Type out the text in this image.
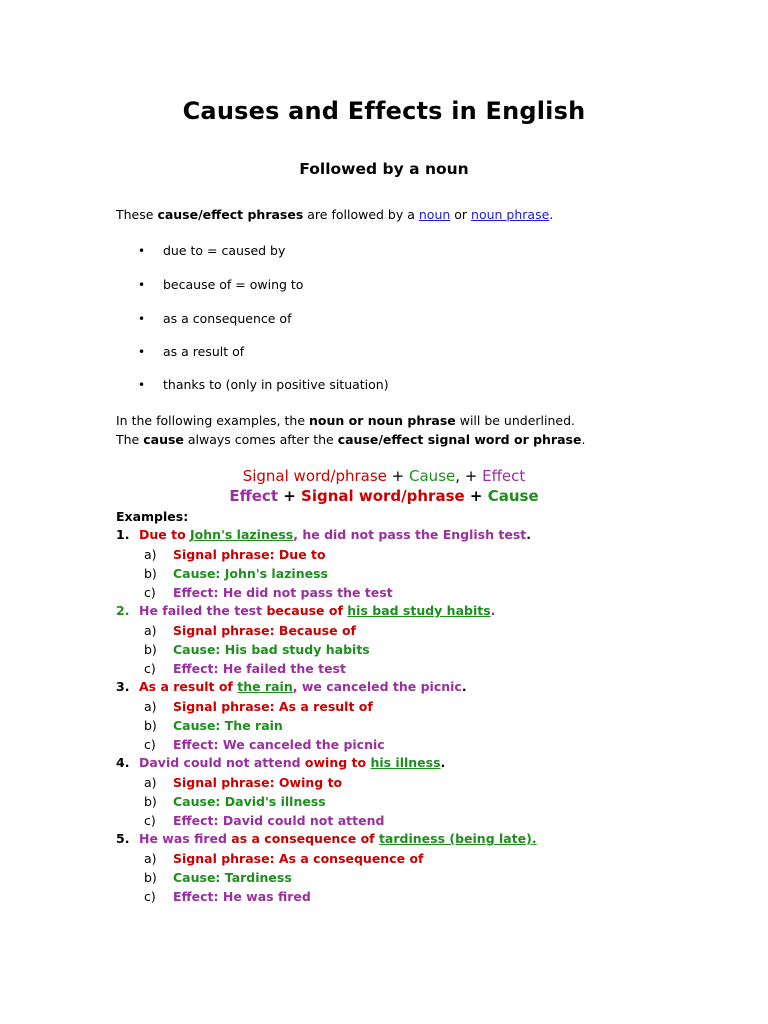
Causes and Effects in English
Followed by a noun
These cause/effect phrases are followed by a noun or noun phrase.
• due to = caused by
• because of = owing to
• as a consequence of
• as a result of
• thanks to (only in positive situation)
In the following examples, the noun or noun phrase will be underlined.
The cause always comes after the cause/effect signal word or phrase.
Signal word/phrase + Cause, + Effect
Effect + Signal word/phrase + Cause
Examples:
1. Due to John's laziness, he did not pass the English test.
a) Signal phrase: Due to
b) Cause: John's laziness
c) Effect: He did not pass the test
2. He failed the test because of his bad study habits.
a) Signal phrase: Because of
b) Cause: His bad study habits
c) Effect: He failed the test
3. As a result of the rain, we canceled the picnic.
a) Signal phrase: As a result of
b) Cause: The rain
c) Effect: We canceled the picnic
4. David could not attend owing to his illness.
a) Signal phrase: Owing to
b) Cause: David's illness
c) Effect: David could not attend
5. He was fired as a consequence of tardiness (being late).
a) Signal phrase: As a consequence of
b) Cause: Tardiness
c) Effect: He was fired
